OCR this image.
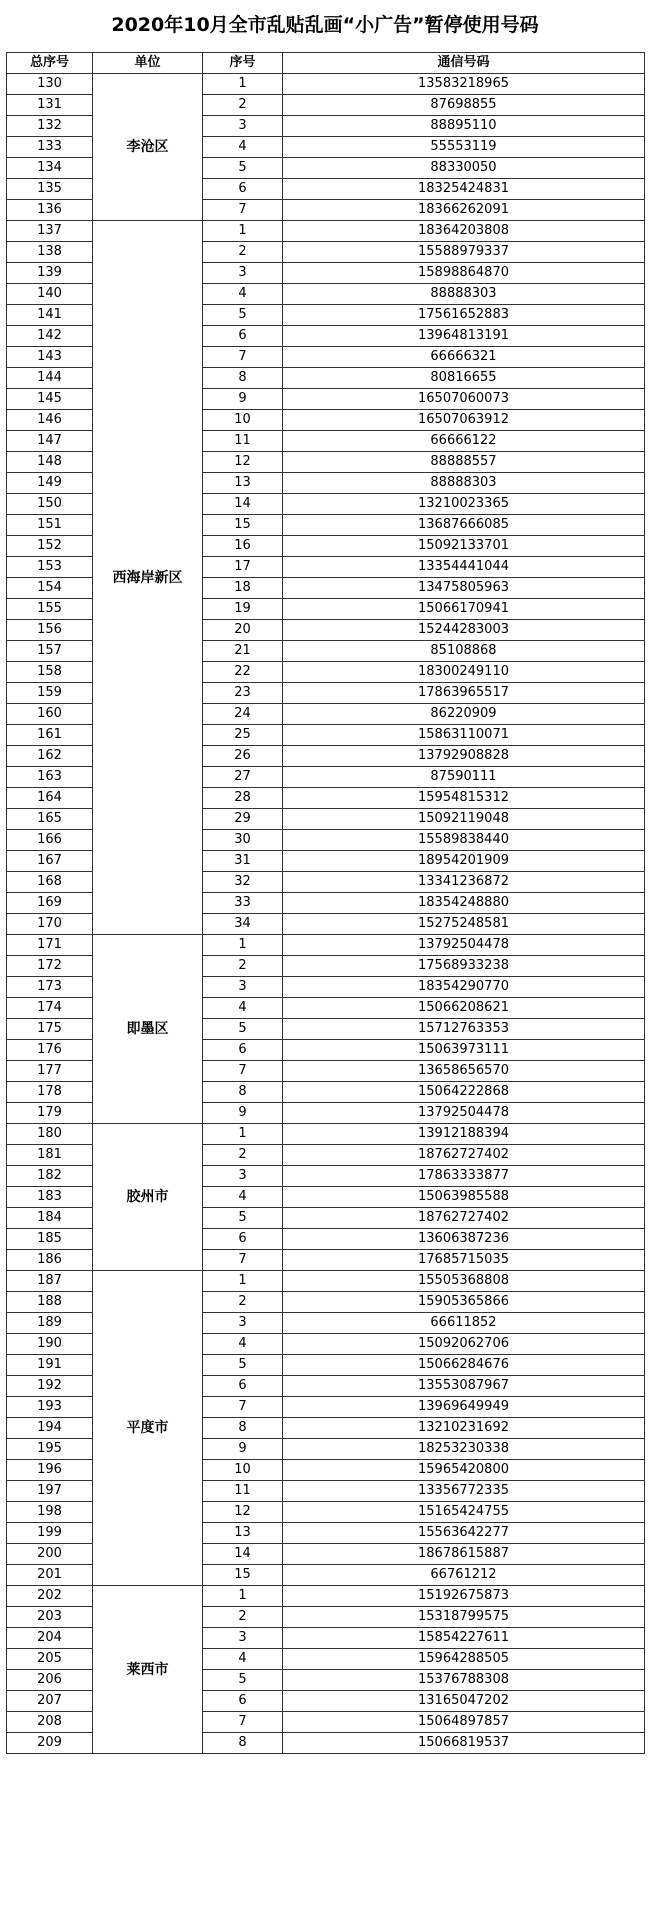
2020年10月全市乱贴乱画“小广告”暂停使用号码
总序号	单位	序号	通信号码
130	李沧区	1	13583218965
131		2	87698855
132		3	88895110
133		4	55553119
134		5	88330050
135		6	18325424831
136		7	18366262091
137	西海岸新区	1	18364203808
138		2	15588979337
139		3	15898864870
140		4	88888303
141		5	17561652883
142		6	13964813191
143		7	66666321
144		8	80816655
145		9	16507060073
146		10	16507063912
147		11	66666122
148		12	88888557
149		13	88888303
150		14	13210023365
151		15	13687666085
152		16	15092133701
153		17	13354441044
154		18	13475805963
155		19	15066170941
156		20	15244283003
157		21	85108868
158		22	18300249110
159		23	17863965517
160		24	86220909
161		25	15863110071
162		26	13792908828
163		27	87590111
164		28	15954815312
165		29	15092119048
166		30	15589838440
167		31	18954201909
168		32	13341236872
169		33	18354248880
170		34	15275248581
171	即墨区	1	13792504478
172		2	17568933238
173		3	18354290770
174		4	15066208621
175		5	15712763353
176		6	15063973111
177		7	13658656570
178		8	15064222868
179		9	13792504478
180	胶州市	1	13912188394
181		2	18762727402
182		3	17863333877
183		4	15063985588
184		5	18762727402
185		6	13606387236
186		7	17685715035
187	平度市	1	15505368808
188		2	15905365866
189		3	66611852
190		4	15092062706
191		5	15066284676
192		6	13553087967
193		7	13969649949
194		8	13210231692
195		9	18253230338
196		10	15965420800
197		11	13356772335
198		12	15165424755
199		13	15563642277
200		14	18678615887
201		15	66761212
202	莱西市	1	15192675873
203		2	15318799575
204		3	15854227611
205		4	15964288505
206		5	15376788308
207		6	13165047202
208		7	15064897857
209		8	15066819537
